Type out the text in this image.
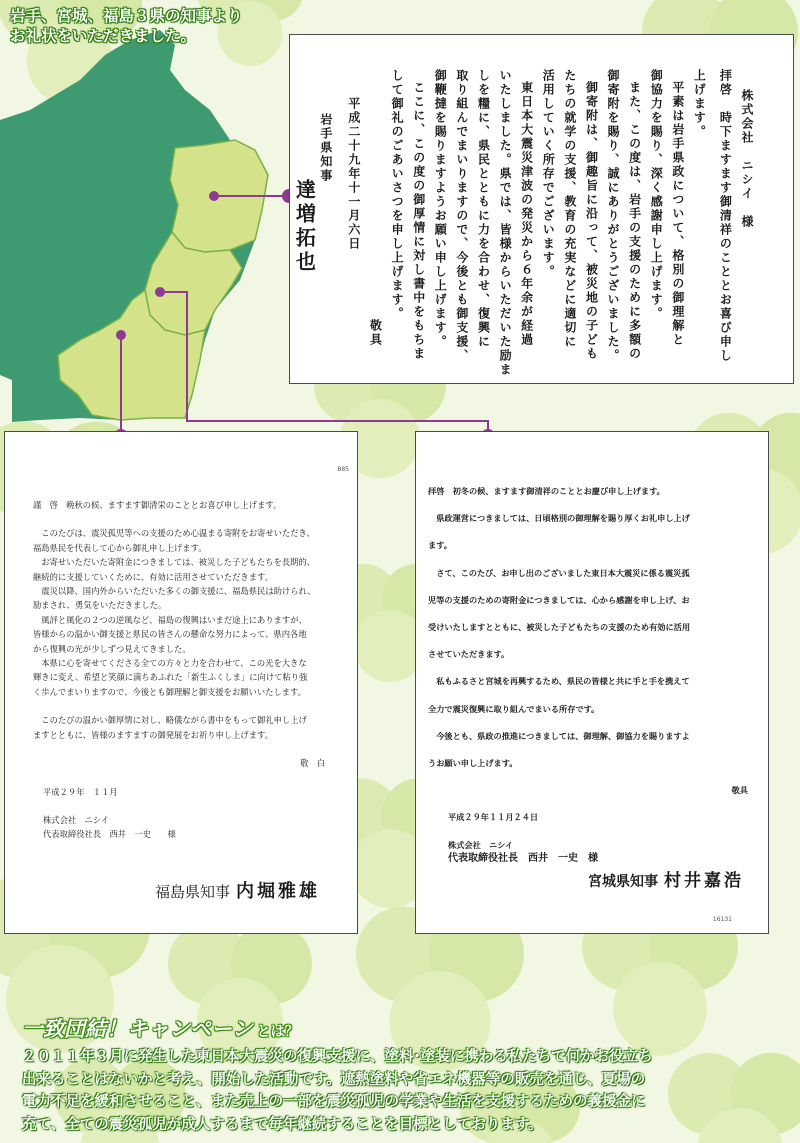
岩手、宮城、福島３県の知事より
お礼状をいただきました。
株式会社　ニシイ　様
拝啓　時下ますます御清祥のこととお喜び申し
上げます。
平素は岩手県政について、格別の御理解と
御協力を賜り、深く感謝申し上げます。
また、この度は、岩手の支援のために多額の
御寄附を賜り、誠にありがとうございました。
御寄附は、御趣旨に沿って、被災地の子ども
たちの就学の支援、教育の充実などに適切に
活用していく所存でございます。
東日本大震災津波の発災から６年余が経過
いたしました。県では、皆様からいただいた励ま
しを糧に、県民とともに力を合わせ、復興に
取り組んでまいりますので、今後とも御支援、
御鞭撻を賜りますようお願い申し上げます。
ここに、この度の御厚情に対し書中をもちま
して御礼のごあいさつを申し上げます。
敬具
平成二十九年十一月六日
岩手県知事
達増拓也
885

謹　啓　晩秋の候、ますます御清栄のこととお喜び申し上げます。

　このたびは、震災孤児等への支援のため心温まる寄附をお寄せいただき、

福島県民を代表して心から御礼申し上げます。

　お寄せいただいた寄附金につきましては、被災した子どもたちを長期的、

継続的に支援していくために、有効に活用させていただきます。

　震災以降、国内外からいただいた多くの御支援に、福島県民は助けられ、

励まされ、勇気をいただきました。

　風評と風化の２つの逆風など、福島の復興はいまだ途上にありますが、

皆様からの温かい御支援と県民の皆さんの懸命な努力によって、県内各地

から復興の光が少しずつ見えてきました。

　本県に心を寄せてくださる全ての方々と力を合わせて、この光を大きな

輝きに変え、希望と笑顔に満ちあふれた「新生ふくしま」に向けて粘り強

く歩んでまいりますので、今後とも御理解と御支援をお願いいたします。

　このたびの温かい御厚情に対し、略儀ながら書中をもって御礼申し上げ

ますとともに、皆様のますますの御発展をお祈り申し上げます。

敬　白

平成２９年　１１月

株式会社　ニシイ

代表取締役社長　西井　一史　　様

福島県知事 内堀雅雄

拝啓　初冬の候、ますます御清祥のこととお慶び申し上げます。

　県政運営につきましては、日頃格別の御理解を賜り厚くお礼申し上げ

ます。

　さて、このたび、お申し出のございました東日本大震災に係る震災孤

児等の支援のための寄附金につきましては、心から感謝を申し上げ、お

受けいたしますとともに、被災した子どもたちの支援のため有効に活用

させていただきます。

　私もふるさと宮城を再興するため、県民の皆様と共に手と手を携えて

全力で震災復興に取り組んでまいる所存です。

　今後とも、県政の推進につきましては、御理解、御協力を賜りますよ

うお願い申し上げます。

敬具

平成２９年１１月２４日

株式会社　ニシイ

代表取締役社長　西井　一史　様

宮城県知事 村井嘉浩
16131
一致団結！キャンペーン とは？
２０１１年３月に発生した東日本大震災の復興支援に、塗料･塗装に携わる私たちで何かお役立ち
出来ることはないかと考え、開始した活動です。遮熱塗料や省エネ機器等の販売を通じ、夏場の
電力不足を緩和させること、また売上の一部を震災孤児の学業や生活を支援するための義援金に
充て、全ての震災孤児が成人するまで毎年継続することを目標としております。
